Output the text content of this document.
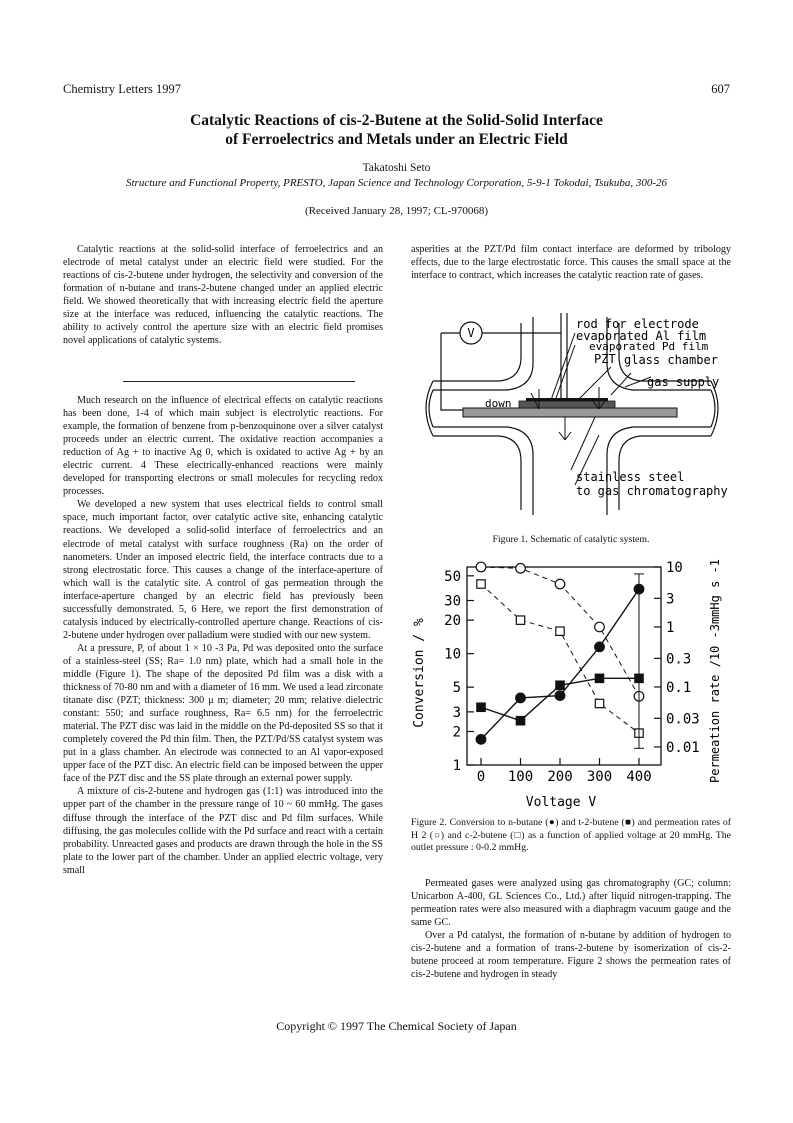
Chemistry Letters 1997	607
Catalytic Reactions of cis-2-Butene at the Solid-Solid Interface
of Ferroelectrics and Metals under an Electric Field
Takatoshi Seto
Structure and Functional Property, PRESTO, Japan Science and Technology Corporation, 5-9-1 Tokodai, Tsukuba, 300-26
(Received January 28, 1997; CL-970068)

Catalytic reactions at the solid-solid interface of ferroelectrics and an electrode of metal catalyst under an electric field were studied. For the reactions of cis-2-butene under hydrogen, the selectivity and conversion of the formation of n-butane and trans-2-butene changed under an applied electric field. We showed theoretically that with increasing electric field the aperture size at the interface was reduced, influencing the catalytic reactions. The ability to actively control the aperture size with an electric field promises novel applications of catalytic systems.

Much research on the influence of electrical effects on catalytic reactions has been done, 1-4 of which main subject is electrolytic reactions. For example, the formation of benzene from p-benzoquinone over a silver catalyst proceeds under an electric current. The oxidative reaction accompanies a reduction of Ag + to inactive Ag 0, which is oxidated to active Ag + by an electric current. 4 These electrically-enhanced reactions were mainly developed for transporting electrons or small molecules for recycling redox processes.

We developed a new system that uses electrical fields to control small space, much important factor, over catalytic active site, enhancing catalytic reactions. We developed a solid-solid interface of ferroelectrics and an electrode of metal catalyst with surface roughness (Ra) on the order of nanometers. Under an imposed electric field, the interface contracts due to a strong electrostatic force. This causes a change of the interface-aperture of which wall is the catalytic site. A control of gas permeation through the interface-aperture changed by an electric field has previously been successfully demonstrated. 5, 6 Here, we report the first demonstration of catalysis induced by electrically-controlled aperture change. Reactions of cis-2-butene under hydrogen over palladium were studied with our new system.

At a pressure, P, of about 1 × 10 -3 Pa, Pd was deposited onto the surface of a stainless-steel (SS; Ra= 1.0 nm) plate, which had a small hole in the middle (Figure 1). The shape of the deposited Pd film was a disk with a thickness of 70-80 nm and with a diameter of 16 mm. We used a lead zirconate titanate disc (PZT; thickness: 300 μ m; diameter; 20 mm; relative dielectric constant: 550; and surface roughness, Ra= 6.5 nm) for the ferroelectric material. The PZT disc was laid in the middle on the Pd-deposited SS so that it completely covered the Pd thin film. Then, the PZT/Pd/SS catalyst system was put in a glass chamber. An electrode was connected to an Al vapor-exposed upper face of the PZT disc. An electric field can be imposed between the upper face of the PZT disc and the SS plate through an external power supply.

A mixture of cis-2-butene and hydrogen gas (1:1) was introduced into the upper part of the chamber in the pressure range of 10 ~ 60 mmHg. The gases diffuse through the interface of the PZT disc and Pd film surfaces. While diffusing, the gas molecules collide with the Pd surface and react with a certain probability. Unreacted gases and products are drawn through the hole in the SS plate to the lower part of the chamber. Under an applied electric voltage, very small

asperities at the PZT/Pd film contact interface are deformed by tribology effects, due to the large electrostatic force. This causes the small space at the interface to contract, which increases the catalytic reaction rate of gases.

V
rod for electrode
evaporated Al film
evaporated Pd film
PZT glass chamber
gas supply
down
stainless steel
to gas chromatography
Figure 1. Schematic of catalytic system.
0 100 200 300 400
50
30
20
10
5
3
2
1
10
3
1
0.3
0.1
0.03
0.01
Conversion / %	Permeation rate /10 -3mmHg s -1
Voltage V
Figure 2. Conversion to n-butane (●) and t-2-butene (■) and permeation rates of H 2 (○) and c-2-butene (□) as a function of applied voltage at 20 mmHg. The outlet pressure : 0-0.2 mmHg.

Permeated gases were analyzed using gas chromatography (GC; column: Unicarbon A-400, GL Sciences Co., Ltd.) after liquid nitrogen-trapping. The permeation rates were also measured with a diaphragm vacuum gauge and the same GC.

Over a Pd catalyst, the formation of n-butane by addition of hydrogen to cis-2-butene and a formation of trans-2-butene by isomerization of cis-2-butene proceed at room temperature. Figure 2 shows the permeation rates of cis-2-butene and hydrogen in steady

Copyright © 1997 The Chemical Society of Japan
